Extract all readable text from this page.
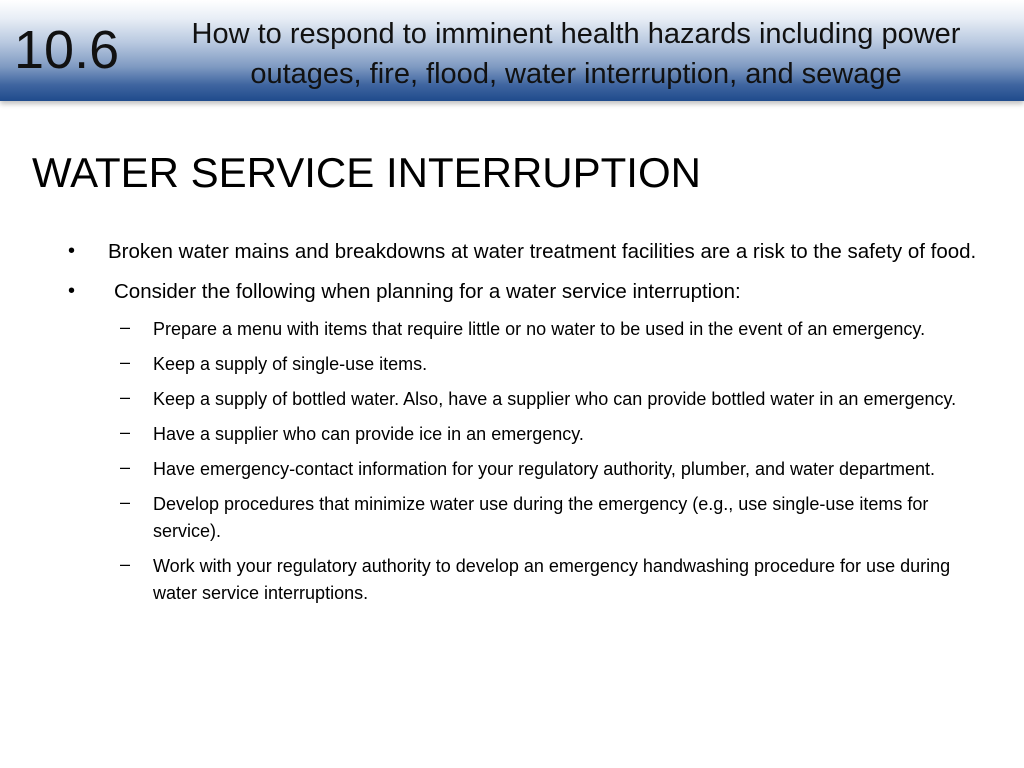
10.6	How to respond to imminent health hazards including power outages, fire, flood, water interruption, and sewage
WATER SERVICE INTERRUPTION
• Broken water mains and breakdowns at water treatment facilities are a risk to the safety of food.
• Consider the following when planning for a water service interruption:
– Prepare a menu with items that require little or no water to be used in the event of an emergency.
– Keep a supply of single-use items.
– Keep a supply of bottled water. Also, have a supplier who can provide bottled water in an emergency.
– Have a supplier who can provide ice in an emergency.
– Have emergency-contact information for your regulatory authority, plumber, and water department.
– Develop procedures that minimize water use during the emergency (e.g., use single-use items for service).
– Work with your regulatory authority to develop an emergency handwashing procedure for use during water service interruptions.
